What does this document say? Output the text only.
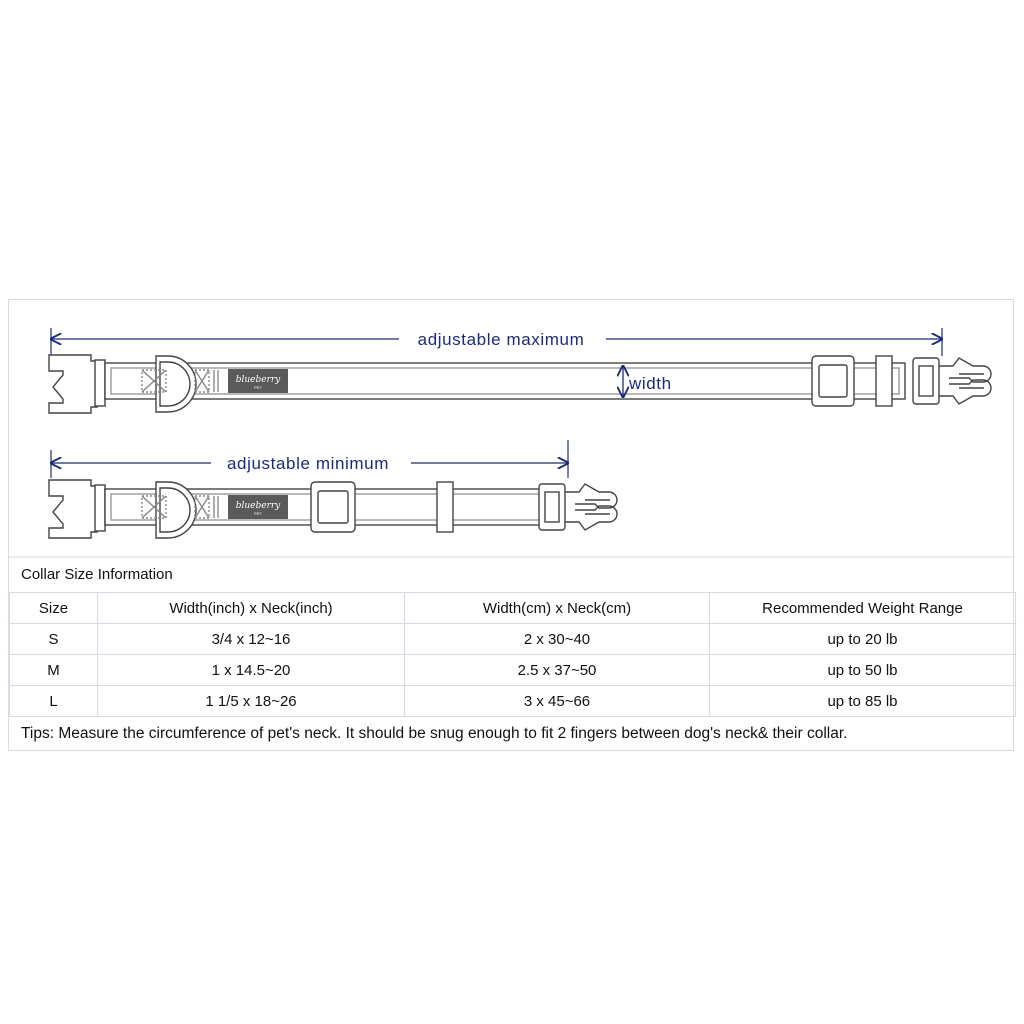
adjustable maximum
blueberry
PET	width
adjustable minimum
blueberry
PET
Collar Size Information
Size	Width(inch) x Neck(inch)	Width(cm) x Neck(cm)	Recommended Weight Range
S	3/4 x 12~16	2 x 30~40	up to 20 lb
M	1 x 14.5~20	2.5 x 37~50	up to 50 lb
L	1 1/5 x 18~26	3 x 45~66	up to 85 lb
Tips: Measure the circumference of pet's neck. It should be snug enough to fit 2 fingers between dog's neck& their collar.
